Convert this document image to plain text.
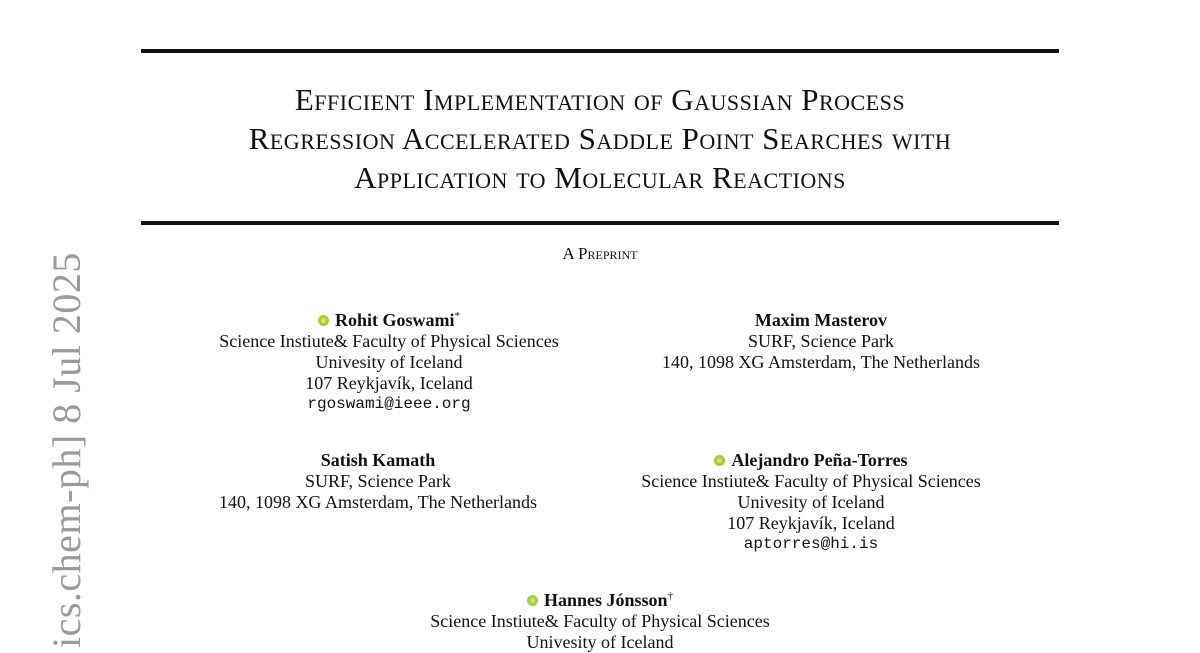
ics.chem-ph] 8 Jul 2025
Efficient Implementation of Gaussian Process
Regression Accelerated Saddle Point Searches with
Application to Molecular Reactions
A Preprint
Rohit Goswami*
Science Instiute& Faculty of Physical Sciences
Univesity of Iceland
107 Reykjavík, Iceland
rgoswami@ieee.org
Maxim Masterov
SURF, Science Park
140, 1098 XG Amsterdam, The Netherlands
Satish Kamath
SURF, Science Park
140, 1098 XG Amsterdam, The Netherlands
Alejandro Peña-Torres
Science Instiute& Faculty of Physical Sciences
Univesity of Iceland
107 Reykjavík, Iceland
aptorres@hi.is
Hannes Jónsson†
Science Instiute& Faculty of Physical Sciences
Univesity of Iceland
